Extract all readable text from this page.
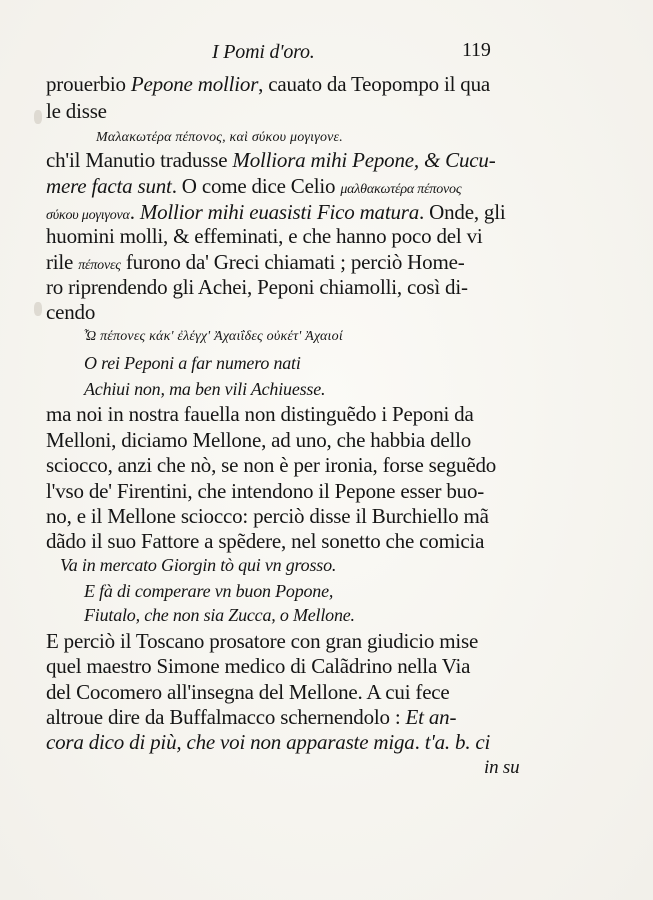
I Pomi d'oro.	119
prouerbio Pepone mollior, cauato da Teopompo il qua
le disse
Μαλακωτέρα πέπονος, καὶ σύκου μογιγονε.
ch'il Manutio tradusse Molliora mihi Pepone, & Cucu-
mere facta sunt. O come dice Celio μαλθακωτέρα πέπονος
σύκου μογιγονα. Mollior mihi euasisti Fico matura. Onde, gli
huomini molli, & effeminati, e che hanno poco del vi
rile πέπονες furono da' Greci chiamati ; perciò Home-
ro riprendendo gli Achei, Peponi chiamolli, così di-
cendo
Ὦ πέπονες κάκ' ἐλέγχ' Ἀχαιΐδες οὐκέτ' Ἀχαιοί
O rei Peponi a far numero nati
Achiui non, ma ben vili Achiuesse.
ma noi in nostra fauella non distinguẽdo i Peponi da
Melloni, diciamo Mellone, ad uno, che habbia dello
sciocco, anzi che nò, se non è per ironia, forse seguẽdo
l'vso de' Firentini, che intendono il Pepone esser buo-
no, e il Mellone sciocco: perciò disse il Burchiello mã
dãdo il suo Fattore a spẽdere, nel sonetto che comicia
Va in mercato Giorgin tò qui vn grosso.
E fà di comperare vn buon Popone,
Fiutalo, che non sia Zucca, o Mellone.
E perciò il Toscano prosatore con gran giudicio mise
quel maestro Simone medico di Calãdrino nella Via
del Cocomero all'insegna del Mellone. A cui fece
altroue dire da Buffalmacco schernendolo : Et an-
cora dico di più, che voi non apparaste miga. t'a. b. ci
in su
